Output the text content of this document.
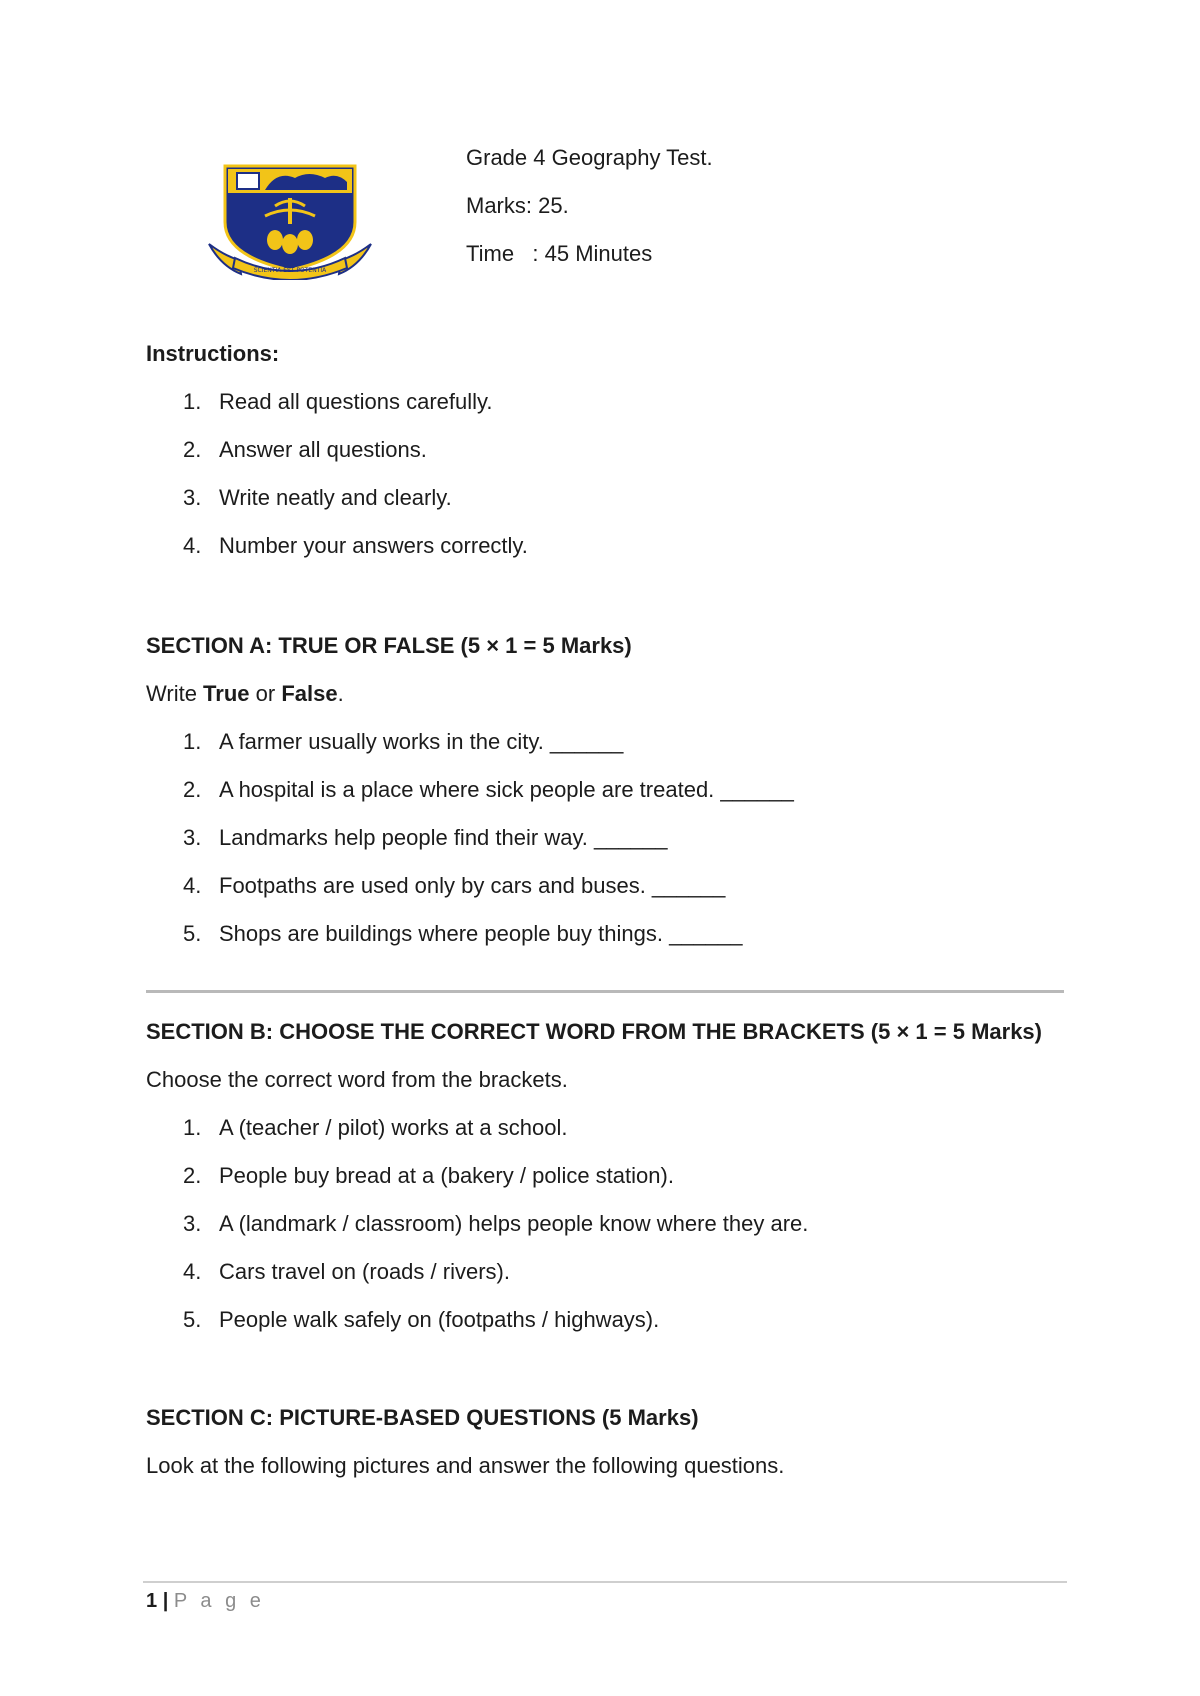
SCIENTIA EST POTENTIA
Grade 4 Geography Test.
Marks: 25.
Time   : 45 Minutes
Instructions:
1. Read all questions carefully.
2. Answer all questions.
3. Write neatly and clearly.
4. Number your answers correctly.
SECTION A: TRUE OR FALSE (5 × 1 = 5 Marks)
Write True or False.
1. A farmer usually works in the city. ______
2. A hospital is a place where sick people are treated. ______
3. Landmarks help people find their way. ______
4. Footpaths are used only by cars and buses. ______
5. Shops are buildings where people buy things. ______
SECTION B: CHOOSE THE CORRECT WORD FROM THE BRACKETS (5 × 1 = 5 Marks)
Choose the correct word from the brackets.
1. A (teacher / pilot) works at a school.
2. People buy bread at a (bakery / police station).
3. A (landmark / classroom) helps people know where they are.
4. Cars travel on (roads / rivers).
5. People walk safely on (footpaths / highways).
SECTION C: PICTURE-BASED QUESTIONS (5 Marks)
Look at the following pictures and answer the following questions.
1 | P a g e
